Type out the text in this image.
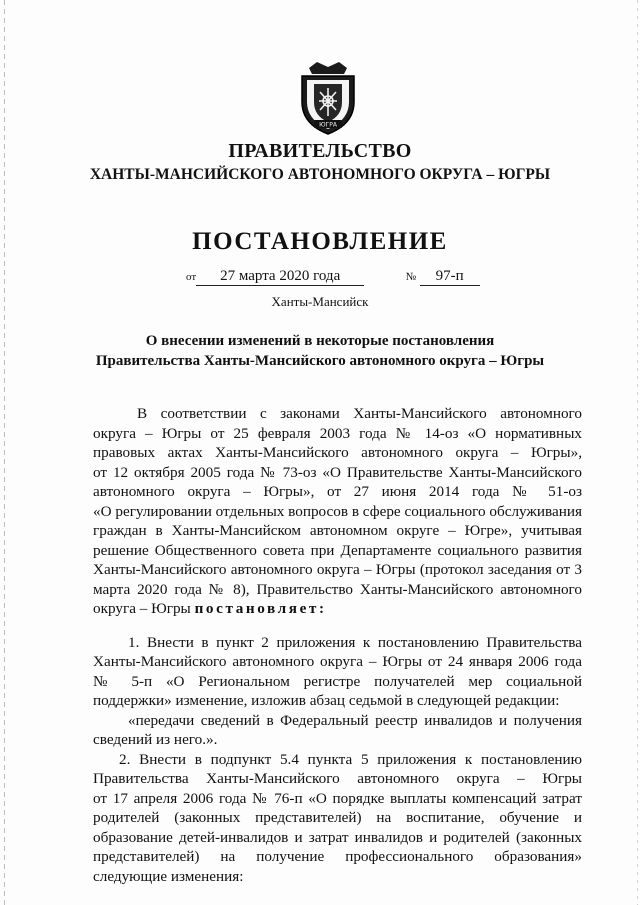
ЮГРА
ПРАВИТЕЛЬСТВО
ХАНТЫ-МАНСИЙСКОГО АВТОНОМНОГО ОКРУГА – ЮГРЫ
ПОСТАНОВЛЕНИЕ
от 27 марта 2020 года	№ 97-п
Ханты-Мансийск
О внесении изменений в некоторые постановления
Правительства Ханты-Мансийского автономного округа – Югры
В соответствии с законами Ханты-Мансийского автономного
округа – Югры от 25 февраля 2003 года № 14-оз «О нормативных
правовых актах Ханты-Мансийского автономного округа – Югры»,
от 12 октября 2005 года № 73-оз «О Правительстве Ханты-Мансийского
автономного округа – Югры», от 27 июня 2014 года № 51-оз
«О регулировании отдельных вопросов в сфере социального обслуживания
граждан в Ханты-Мансийском автономном округе – Югре», учитывая
решение Общественного совета при Департаменте социального развития
Ханты-Мансийского автономного округа – Югры (протокол заседания от 3
марта 2020 года № 8), Правительство Ханты-Мансийского автономного
округа – Югры постановляет:
1. Внести в пункт 2 приложения к постановлению Правительства
Ханты-Мансийского автономного округа – Югры от 24 января 2006 года
№ 5-п «О Региональном регистре получателей мер социальной
поддержки» изменение, изложив абзац седьмой в следующей редакции:
«передачи сведений в Федеральный реестр инвалидов и получения
сведений из него.».
2. Внести в подпункт 5.4 пункта 5 приложения к постановлению
Правительства Ханты-Мансийского автономного округа – Югры
от 17 апреля 2006 года № 76-п «О порядке выплаты компенсаций затрат
родителей (законных представителей) на воспитание, обучение и
образование детей-инвалидов и затрат инвалидов и родителей (законных
представителей) на получение профессионального образования»
следующие изменения:
